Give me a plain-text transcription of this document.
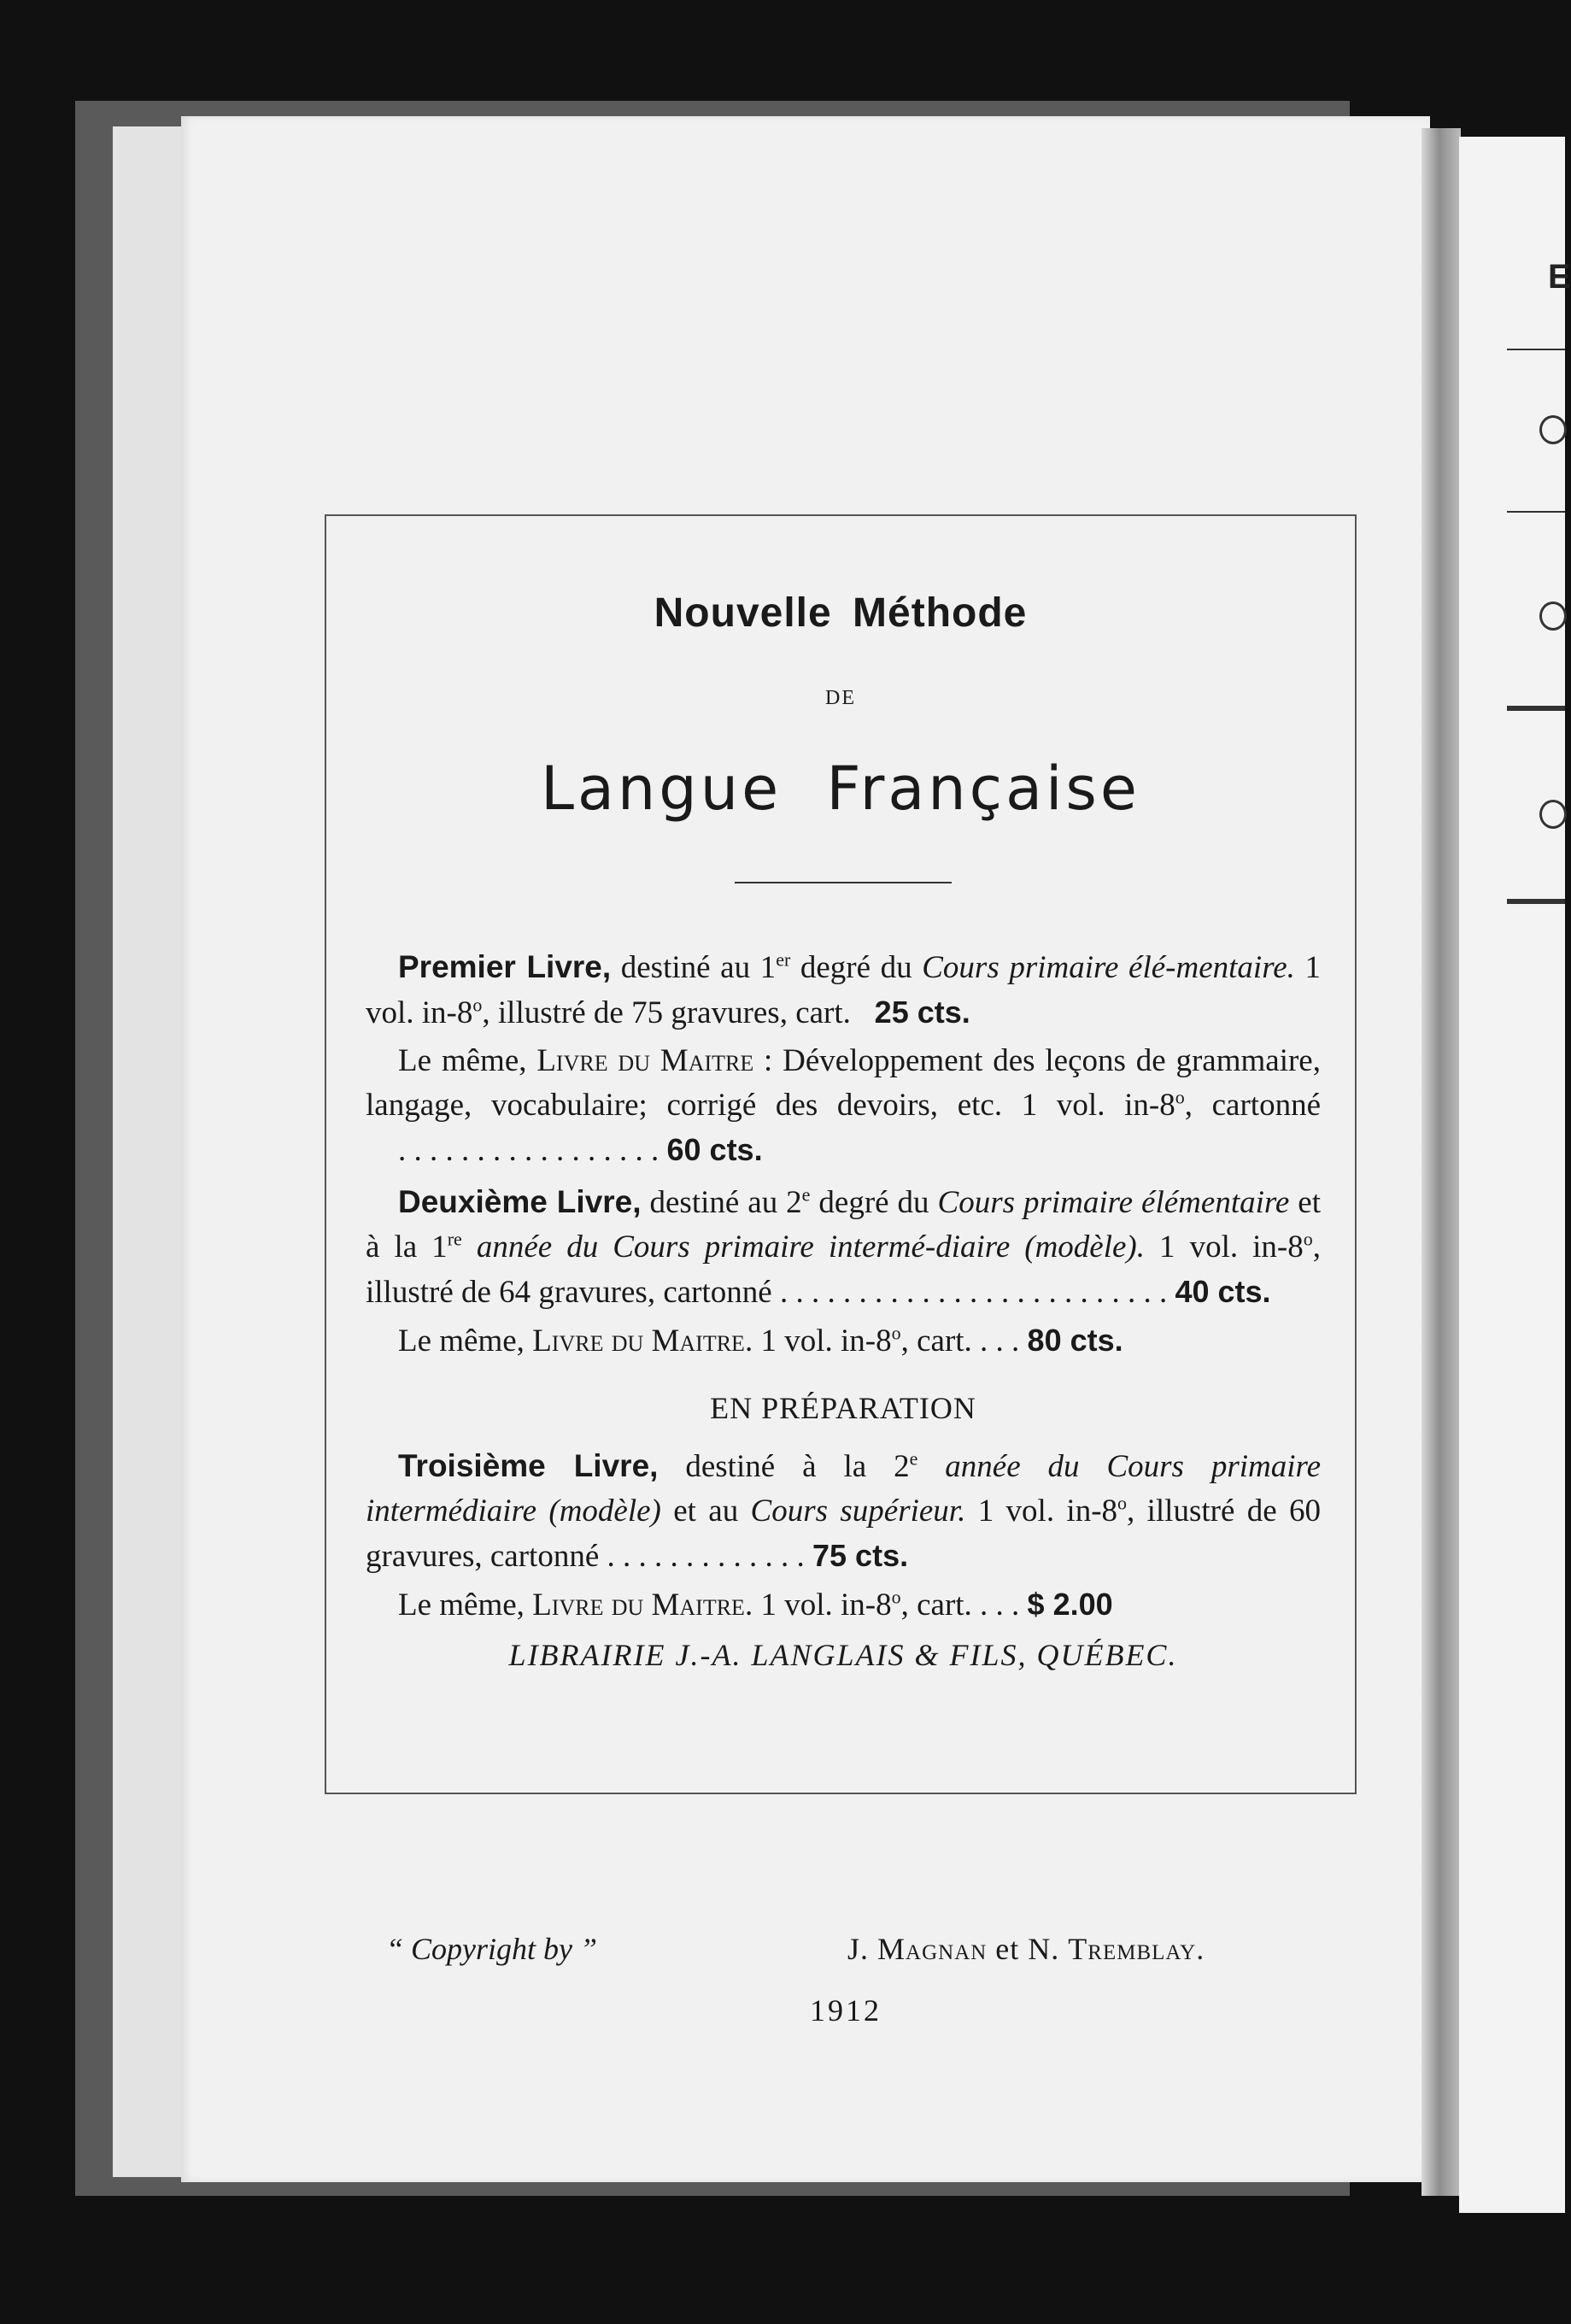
E
Nouvelle Méthode
DE
Langue Française
Premier Livre, destiné au 1er degré du Cours primaire élé-mentaire. 1 vol. in-8$^o$, illustré de 75 gravures, cart. 25 cts.
Le même, Livre du Maitre : Développement des leçons de grammaire, langage, vocabulaire; corrigé des devoirs, etc. 1 vol. in-8$^o$, cartonné
. . . . . . . . . . . . . . . . . 60 cts.
Deuxième Livre, destiné au 2e degré du Cours primaire élémentaire et à la 1re année du Cours primaire intermé-diaire (modèle). 1 vol. in-8$^o$, illustré de 64 gravures, cartonné . . . . . . . . . . . . . . . . . . . . . . . . . 40 cts.
Le même, Livre du Maitre. 1 vol. in-8$^o$, cart. . . . 80 cts.
EN PRÉPARATION
Troisième Livre, destiné à la 2e année du Cours primaire intermédiaire (modèle) et au Cours supérieur. 1 vol. in-8$^o$, illustré de 60 gravures, cartonné . . . . . . . . . . . . . 75 cts.
Le même, Livre du Maitre. 1 vol. in-8$^o$, cart. . . . $ 2.00
LIBRAIRIE J.-A. LANGLAIS & FILS, QUÉBEC.
“ Copyright by ”	J. Magnan et N. Tremblay.
1912
